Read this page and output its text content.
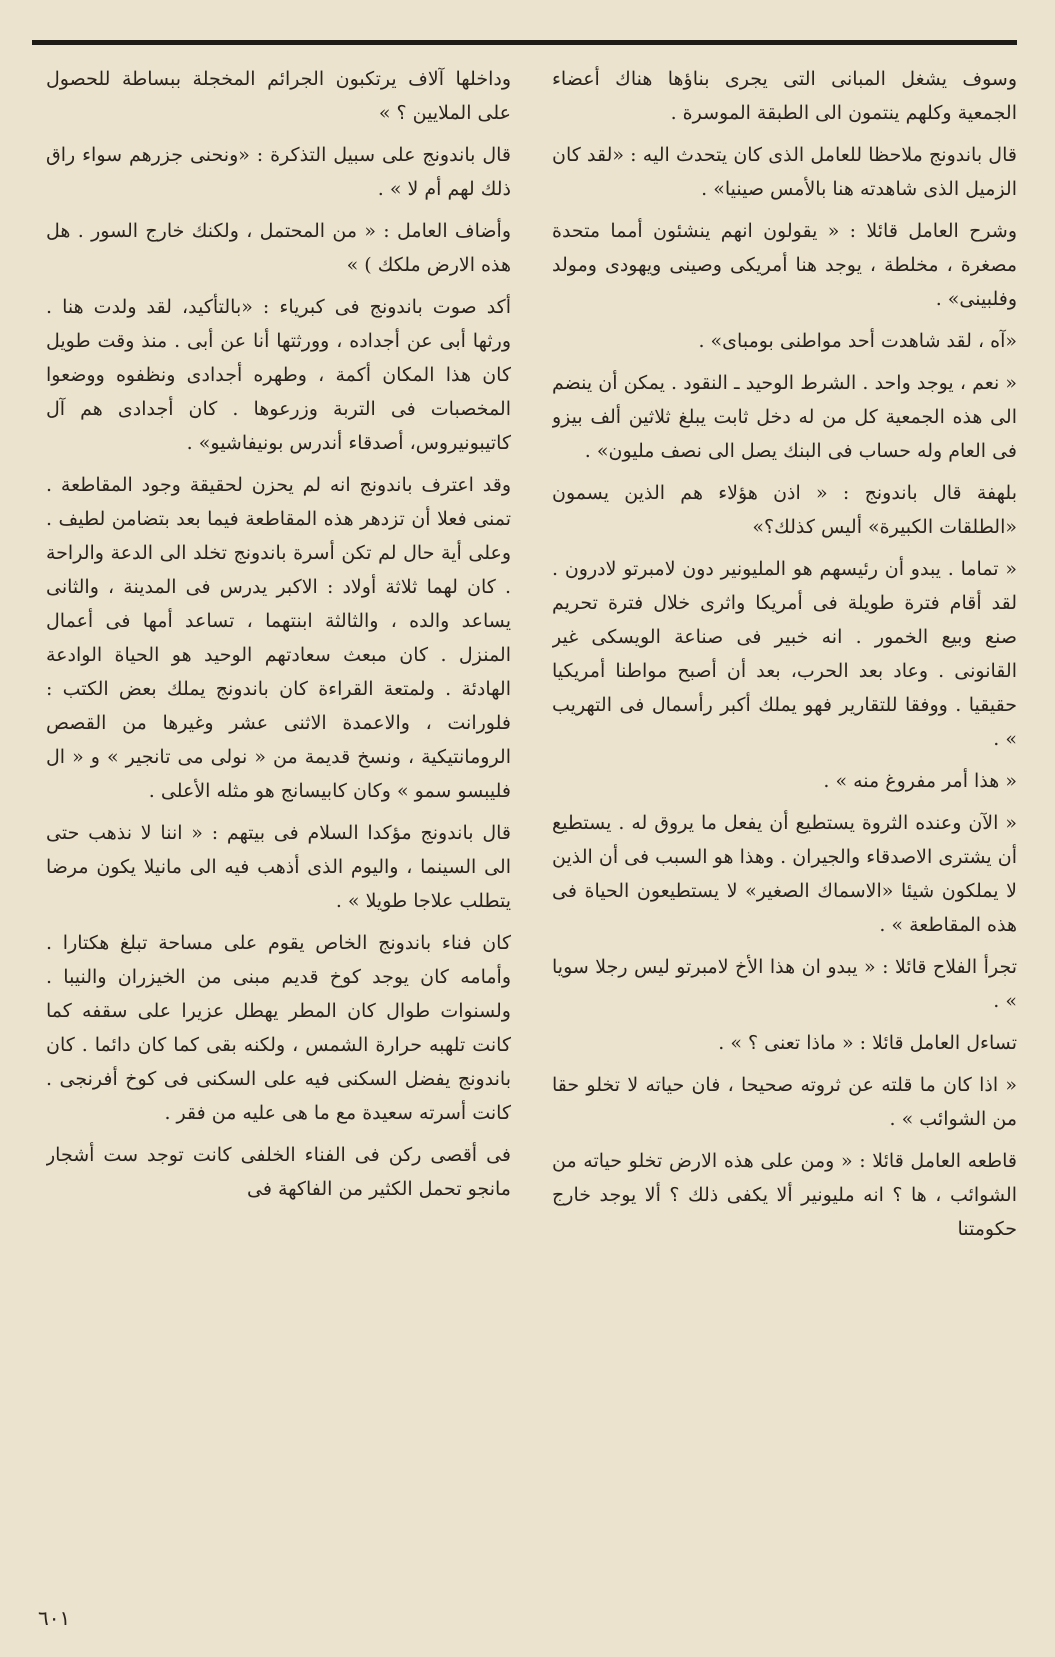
وسوف يشغل المبانى التى يجرى بناؤها هناك أعضاء الجمعية وكلهم ينتمون الى الطبقة الموسرة .

قال باندونج ملاحظا للعامل الذى كان يتحدث اليه : «لقد كان الزميل الذى شاهدته هنا بالأمس صينيا» .

وشرح العامل قائلا : « يقولون انهم ينشئون أمما متحدة مصغرة ، مخلطة ، يوجد هنا أمريكى وصينى ويهودى ومولد وفلبينى» .

«آه ، لقد شاهدت أحد مواطنى بومباى» .

« نعم ، يوجد واحد . الشرط الوحيد ـ النقود . يمكن أن ينضم الى هذه الجمعية كل من له دخل ثابت يبلغ ثلاثين ألف بيزو فى العام وله حساب فى البنك يصل الى نصف مليون» .

بلهفة قال باندونج : « اذن هؤلاء هم الذين يسمون «الطلقات الكبيرة» أليس كذلك؟»

« تماما . يبدو أن رئيسهم هو المليونير دون لامبرتو لادرون . لقد أقام فترة طويلة فى أمريكا واثرى خلال فترة تحريم صنع وبيع الخمور . انه خبير فى صناعة الويسكى غير القانونى . وعاد بعد الحرب، بعد أن أصبح مواطنا أمريكيا حقيقيا . ووفقا للتقارير فهو يملك أكبر رأسمال فى التهريب » .

« هذا أمر مفروغ منه » .

« الآن وعنده الثروة يستطيع أن يفعل ما يروق له . يستطيع أن يشترى الاصدقاء والجيران . وهذا هو السبب فى أن الذين لا يملكون شيئا «الاسماك الصغير» لا يستطيعون الحياة فى هذه المقاطعة » .

تجرأ الفلاح قائلا : « يبدو ان هذا الأخ لامبرتو ليس رجلا سويا » .

تساءل العامل قائلا : « ماذا تعنى ؟ » .

« اذا كان ما قلته عن ثروته صحيحا ، فان حياته لا تخلو حقا من الشوائب » .

قاطعه العامل قائلا : « ومن على هذه الارض تخلو حياته من الشوائب ، ها ؟ انه مليونير ألا يكفى ذلك ؟ ألا يوجد خارج حكومتنا

وداخلها آلاف يرتكبون الجرائم المخجلة ببساطة للحصول على الملايين ؟ »

قال باندونج على سبيل التذكرة : «ونحنى جزرهم سواء راق ذلك لهم أم لا » .

وأضاف العامل : « من المحتمل ، ولكنك خارج السور . هل هذه الارض ملكك ) »

أكد صوت باندونج فى كبرياء : «بالتأكيد، لقد ولدت هنا . ورثها أبى عن أجداده ، وورثتها أنا عن أبى . منذ وقت طويل كان هذا المكان أكمة ، وطهره أجدادى ونظفوه ووضعوا المخصبات فى التربة وزرعوها . كان أجدادى هم آل كاتيبونيروس، أصدقاء أندرس بونيفاشيو» .

وقد اعترف باندونج انه لم يحزن لحقيقة وجود المقاطعة . تمنى فعلا أن تزدهر هذه المقاطعة فيما بعد بتضامن لطيف . وعلى أية حال لم تكن أسرة باندونج تخلد الى الدعة والراحة . كان لهما ثلاثة أولاد : الاكبر يدرس فى المدينة ، والثانى يساعد والده ، والثالثة ابنتهما ، تساعد أمها فى أعمال المنزل . كان مبعث سعادتهم الوحيد هو الحياة الوادعة الهادئة . ولمتعة القراءة كان باندونج يملك بعض الكتب : فلورانت ، والاعمدة الاثنى عشر وغيرها من القصص الرومانتيكية ، ونسخ قديمة من « نولى مى تانجير » و « ال فليبسو سمو » وكان كابيسانج هو مثله الأعلى .

قال باندونج مؤكدا السلام فى بيتهم : « اننا لا نذهب حتى الى السينما ، واليوم الذى أذهب فيه الى مانيلا يكون مرضا يتطلب علاجا طويلا » .

كان فناء باندونج الخاص يقوم على مساحة تبلغ هكتارا . وأمامه كان يوجد كوخ قديم مبنى من الخيزران والنيبا . ولسنوات طوال كان المطر يهطل عزيرا على سقفه كما كانت تلهبه حرارة الشمس ، ولكنه بقى كما كان دائما . كان باندونج يفضل السكنى فيه على السكنى فى كوخ أفرنجى . كانت أسرته سعيدة مع ما هى عليه من فقر .

فى أقصى ركن فى الفناء الخلفى كانت توجد ست أشجار مانجو تحمل الكثير من الفاكهة فى

٦٠١
